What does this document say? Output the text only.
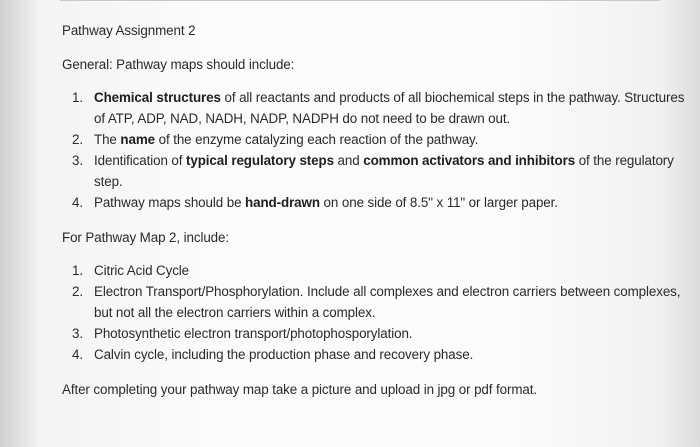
Pathway Assignment 2

General: Pathway maps should include:

1. Chemical structures of all reactants and products of all biochemical steps in the pathway. Structures of ATP, ADP, NAD, NADH, NADP, NADPH do not need to be drawn out.
2. The name of the enzyme catalyzing each reaction of the pathway.
3. Identification of typical regulatory steps and common activators and inhibitors of the regulatory step.
4. Pathway maps should be hand-drawn on one side of 8.5" x 11" or larger paper.

For Pathway Map 2, include:

1. Citric Acid Cycle
2. Electron Transport/Phosphorylation. Include all complexes and electron carriers between complexes, but not all the electron carriers within a complex.
3. Photosynthetic electron transport/photophosporylation.
4. Calvin cycle, including the production phase and recovery phase.

After completing your pathway map take a picture and upload in jpg or pdf format.
